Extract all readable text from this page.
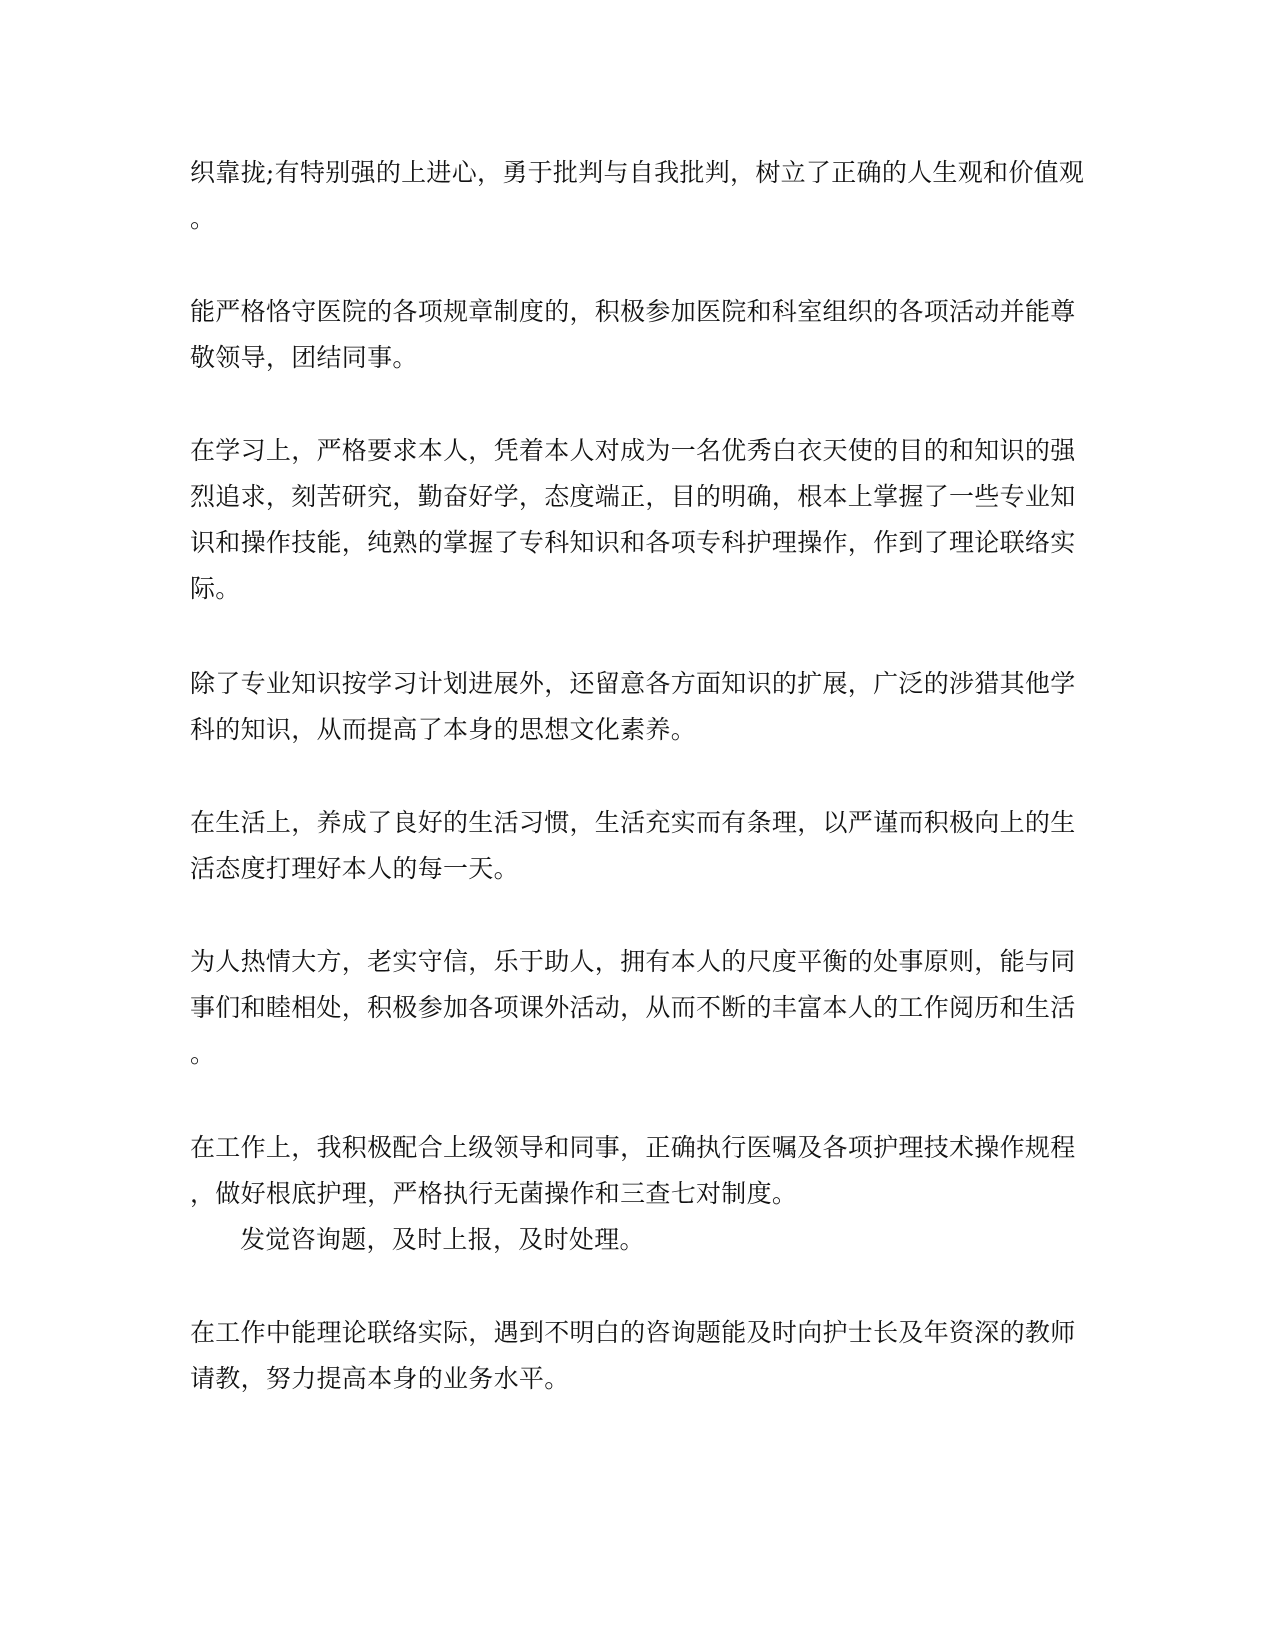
织靠拢;有特别强的上进心，勇于批判与自我批判，树立了正确的人生观和价值观

。

能严格恪守医院的各项规章制度的，积极参加医院和科室组织的各项活动并能尊

敬领导，团结同事。

在学习上，严格要求本人，凭着本人对成为一名优秀白衣天使的目的和知识的强

烈追求，刻苦研究，勤奋好学，态度端正，目的明确，根本上掌握了一些专业知

识和操作技能，纯熟的掌握了专科知识和各项专科护理操作，作到了理论联络实

际。

除了专业知识按学习计划进展外，还留意各方面知识的扩展，广泛的涉猎其他学

科的知识，从而提高了本身的思想文化素养。

在生活上，养成了良好的生活习惯，生活充实而有条理，以严谨而积极向上的生

活态度打理好本人的每一天。

为人热情大方，老实守信，乐于助人，拥有本人的尺度平衡的处事原则，能与同

事们和睦相处，积极参加各项课外活动，从而不断的丰富本人的工作阅历和生活

。

在工作上，我积极配合上级领导和同事，正确执行医嘱及各项护理技术操作规程

，做好根底护理，严格执行无菌操作和三查七对制度。

发觉咨询题，及时上报，及时处理。

在工作中能理论联络实际，遇到不明白的咨询题能及时向护士长及年资深的教师

请教，努力提高本身的业务水平。
